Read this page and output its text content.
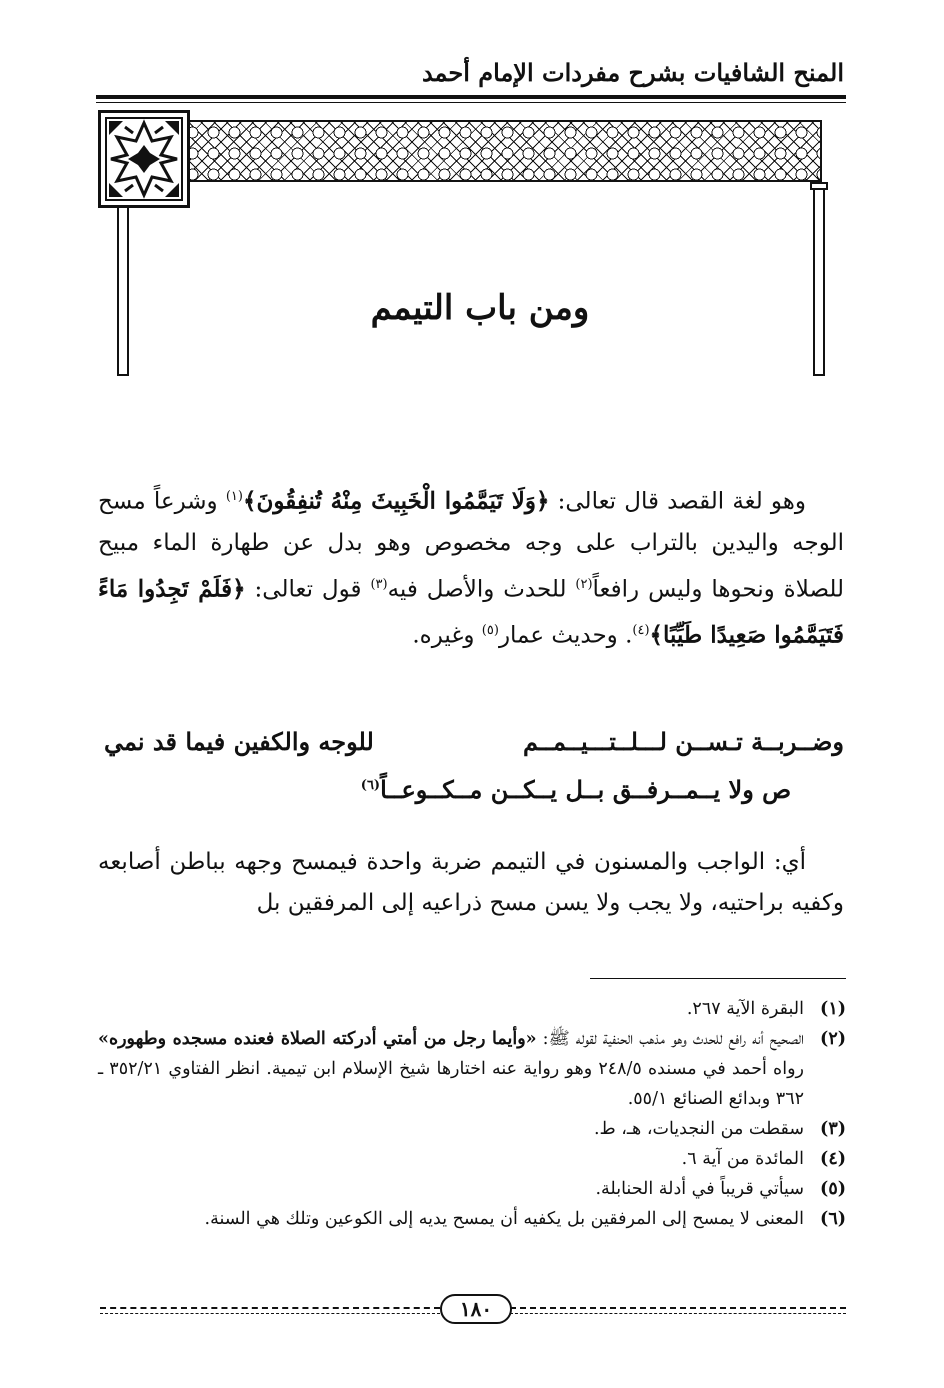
المنح الشافيات بشرح مفردات الإمام أحمد
ومن باب التيمم
وهو لغة القصد قال تعالى: ﴿وَلَا تَيَمَّمُوا الْخَبِيثَ مِنْهُ تُنفِقُونَ﴾$^{(١)}$ وشرعاً مسح الوجه واليدين بالتراب على وجه مخصوص وهو بدل عن طهارة الماء مبيح للصلاة ونحوها وليس رافعاً$^{(٢)}$ للحدث والأصل فيه$^{(٣)}$ قول تعالى: ﴿فَلَمْ تَجِدُوا مَاءً فَتَيَمَّمُوا صَعِيدًا طَيِّبًا﴾$^{(٤)}$. وحديث عمار$^{(٥)}$ وغيره.
وضــربــة تـســن لـــلــتـــيــمــمللوجه والكفين فيما قد نمي
ص ولا يــمــرفــق بــل يــكــن مــكــوعــاً$^{(٦)}$
أي: الواجب والمسنون في التيمم ضربة واحدة فيمسح وجهه بباطن أصابعه وكفيه براحتيه، ولا يجب ولا يسن مسح ذراعيه إلى المرفقين بل
(١)
البقرة الآية ٢٦٧.
(٢)
الصحيح أنه رافع للحدث وهو مذهب الحنفية لقوله ﷺ: «وأيما رجل من أمتي أدركته الصلاة فعنده مسجده وطهوره» رواه أحمد في مسنده ٢٤٨/٥ وهو رواية عنه اختارها شيخ الإسلام ابن تيمية. انظر الفتاوي ٣٥٢/٢١ ـ ٣٦٢ وبدائع الصنائع ٥٥/١.
(٣)
سقطت من النجديات، هـ، ط.
(٤)
المائدة من آية ٦.
(٥)
سيأتي قريباً في أدلة الحنابلة.
(٦)
المعنى لا يمسح إلى المرفقين بل يكفيه أن يمسح يديه إلى الكوعين وتلك هي السنة.
١٨٠
